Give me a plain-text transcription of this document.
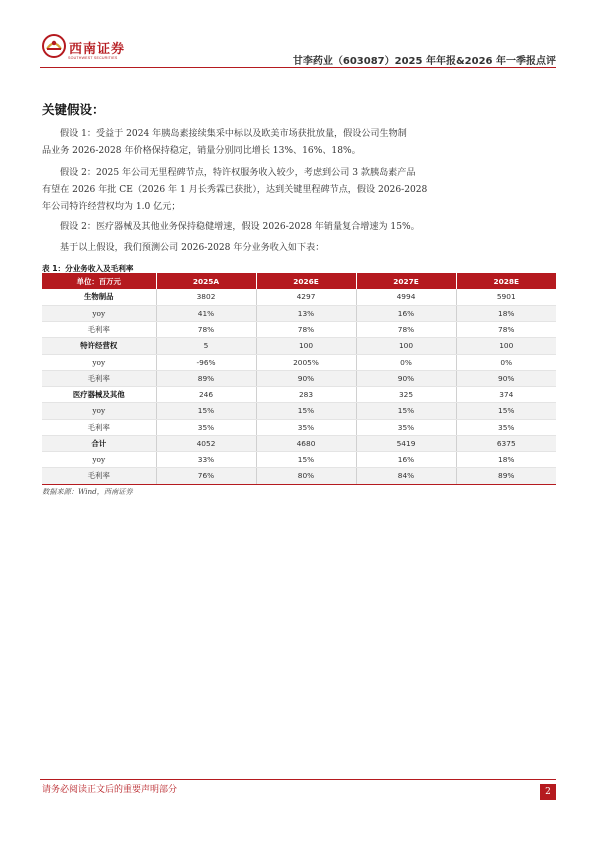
西南证券
SOUTHWEST SECURITIES	甘李药业（603087）2025 年年报&2026 年一季报点评
关键假设：
假设 1：受益于 2024 年胰岛素接续集采中标以及欧美市场获批放量，假设公司生物制
品业务 2026-2028 年价格保持稳定，销量分别同比增长 13%、16%、18%。
假设 2：2025 年公司无里程碑节点，特许权服务收入较少，考虑到公司 3 款胰岛素产品
有望在 2026 年批 CE（2026 年 1 月长秀霖已获批），达到关键里程碑节点，假设 2026-2028
年公司特许经营权均为 1.0 亿元；
假设 2：医疗器械及其他业务保持稳健增速，假设 2026-2028 年销量复合增速为 15%。
基于以上假设，我们预测公司 2026-2028 年分业务收入如下表：
表 1：分业务收入及毛利率
单位：百万元	2025A	2026E	2027E	2028E
生物制品	3802	4297	4994	5901
yoy	41%	13%	16%	18%
毛利率	78%	78%	78%	78%
特许经营权	5	100	100	100
yoy	-96%	2005%	0%	0%
毛利率	89%	90%	90%	90%
医疗器械及其他	246	283	325	374
yoy	15%	15%	15%	15%
毛利率	35%	35%	35%	35%
合计	4052	4680	5419	6375
yoy	33%	15%	16%	18%
毛利率	76%	80%	84%	89%
数据来源：Wind，西南证券
请务必阅读正文后的重要声明部分	2
